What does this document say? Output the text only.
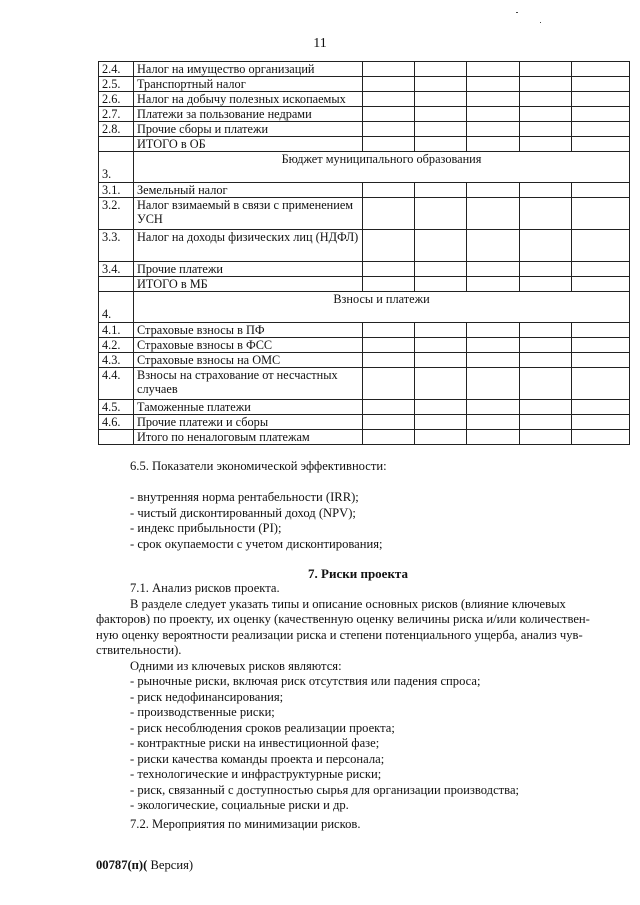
11
2.4.	Налог на имущество организаций					
2.5.	Транспортный налог					
2.6.	Налог на добычу полезных ископаемых					
2.7.	Платежи за пользование недрами					
2.8.	Прочие сборы и платежи					
	ИТОГО в ОБ					
3.	Бюджет муниципального образования					
3.1.	Земельный налог					
3.2.	Налог взимаемый в связи с применением УСН					
3.3.	Налог на доходы физических лиц (НДФЛ)					
3.4.	Прочие платежи					
	ИТОГО в МБ					
4.	Взносы и платежи					
4.1.	Страховые взносы в ПФ					
4.2.	Страховые взносы в ФСС					
4.3.	Страховые взносы на ОМС					
4.4.	Взносы на страхование от несчастных случаев					
4.5.	Таможенные платежи					
4.6.	Прочие платежи и сборы					
	Итого по неналоговым платежам					
6.5. Показатели экономической эффективности:
- внутренняя норма рентабельности (IRR);
- чистый дисконтированный доход (NPV);
- индекс прибыльности (PI);
- срок окупаемости с учетом дисконтирования;
7. Риски проекта
7.1. Анализ рисков проекта.
В разделе следует указать типы и описание основных рисков (влияние ключевых
факторов) по проекту, их оценку (качественную оценку величины риска и/или количествен-
ную оценку вероятности реализации риска и степени потенциального ущерба, анализ чув-
ствительности).
Одними из ключевых рисков являются:
- рыночные риски, включая риск отсутствия или падения спроса;
- риск недофинансирования;
- производственные риски;
- риск несоблюдения сроков реализации проекта;
- контрактные риски на инвестиционной фазе;
- риски качества команды проекта и персонала;
- технологические и инфраструктурные риски;
- риск, связанный с доступностью сырья для организации производства;
- экологические, социальные риски и др.
7.2. Мероприятия по минимизации рисков.
00787(п)( Версия)
